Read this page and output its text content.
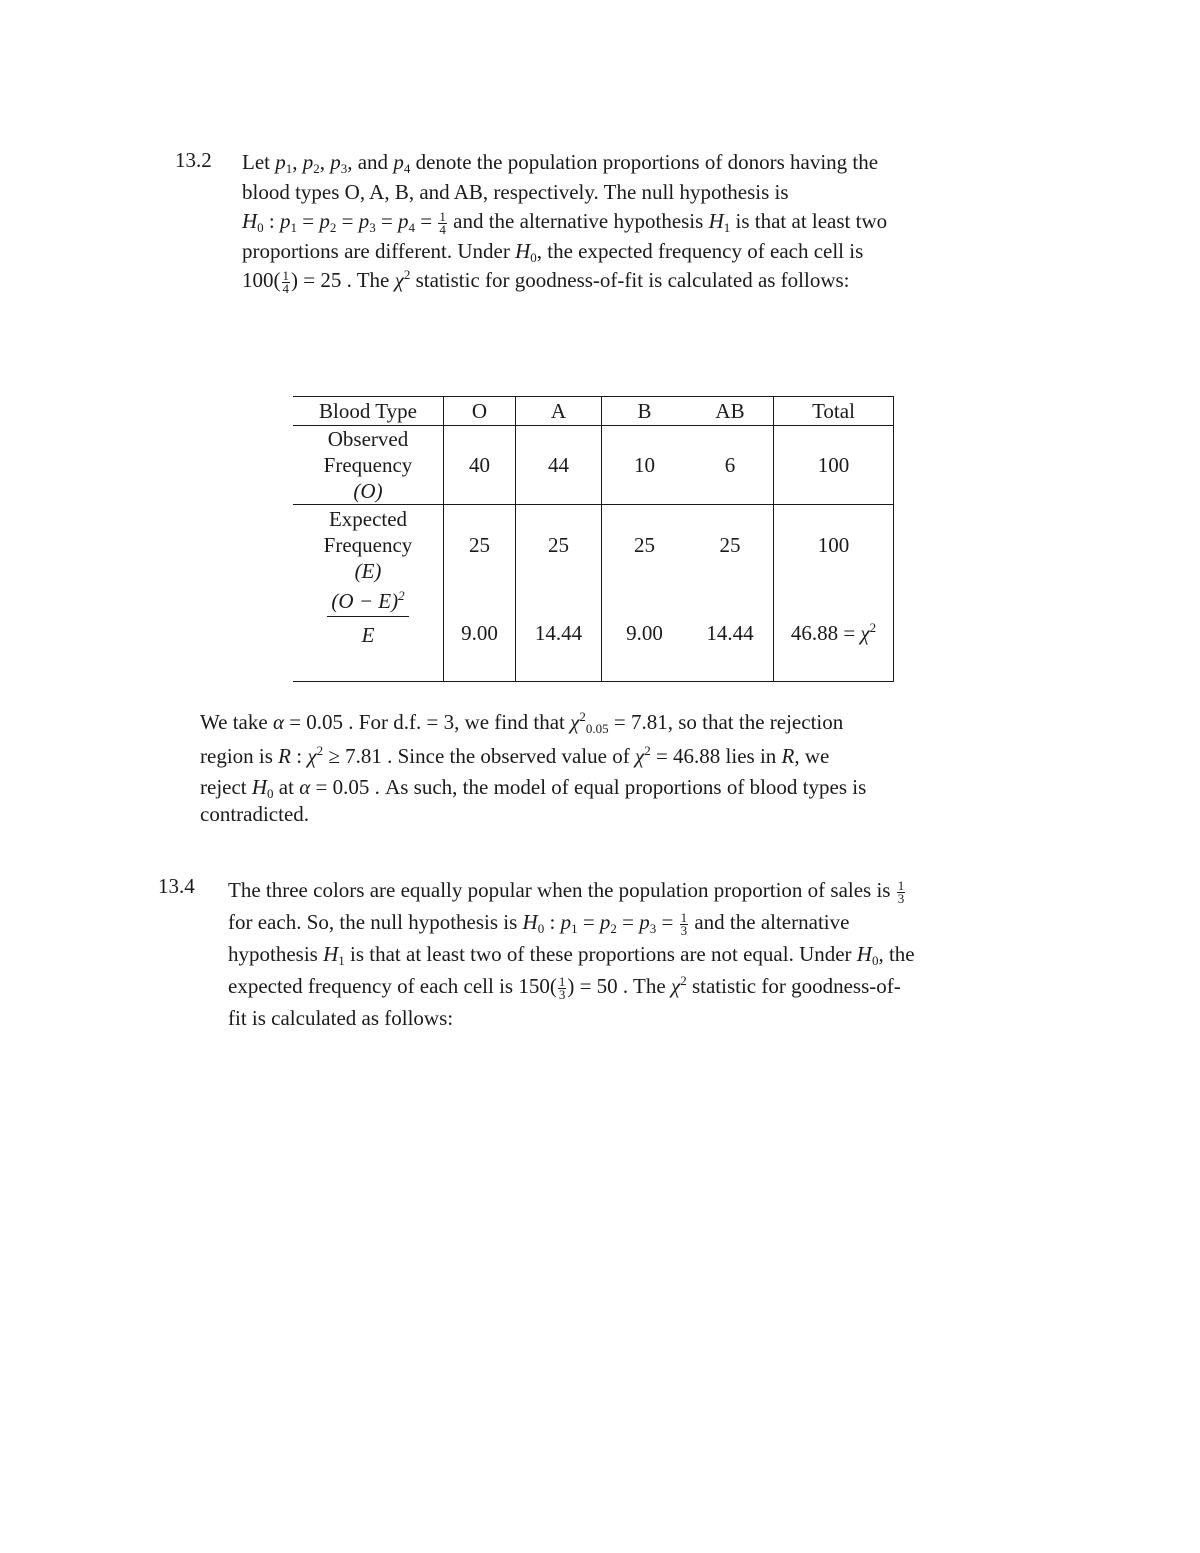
13.2 Let $p_1$, $p_2$, $p_3$, and $p_4$ denote the population proportions of donors having the
blood types O, A, B, and AB, respectively. The null hypothesis is
$H_0$ : $p_1 = p_2 = p_3 = p_4 = \frac{1}{4}$ and the alternative hypothesis $H_1$ is that at least two
proportions are different. Under $H_0$, the expected frequency of each cell is
$100( \frac{1}{4}$ ) = 25 . The $\chi^2$ statistic for goodness-of-fit is calculated as follows:
Blood Type	O	A	B	AB	Total

Observed
Frequency
(O)	40	44	10	6	100

Expected
Frequency
(E)	25	25	25	25	100

$\frac{(O - E)^2}{E}$	9.00	14.44	9.00	14.44	$46.88 = \chi^2$
We take α = 0.05 . For d.f. = 3, we find that $\chi^2_{0.05} = 7.81$, so that the rejection
region is R : $\chi^2 \ge 7.81$ . Since the observed value of $\chi^2 = 46.88$ lies in R, we
reject $H_0$ at α = 0.05 . As such, the model of equal proportions of blood types is
contradicted.
13.4 The three colors are equally popular when the population proportion of sales is $\frac{1}{3}$
for each. So, the null hypothesis is $H_0$ : $p_1 = p_2 = p_3 = \frac{1}{3}$ and the alternative
hypothesis $H_1$ is that at least two of these proportions are not equal. Under $H_0$, the
expected frequency of each cell is $150( \frac{1}{3}$ ) = 50 . The $\chi^2$ statistic for goodness-of-
fit is calculated as follows:
